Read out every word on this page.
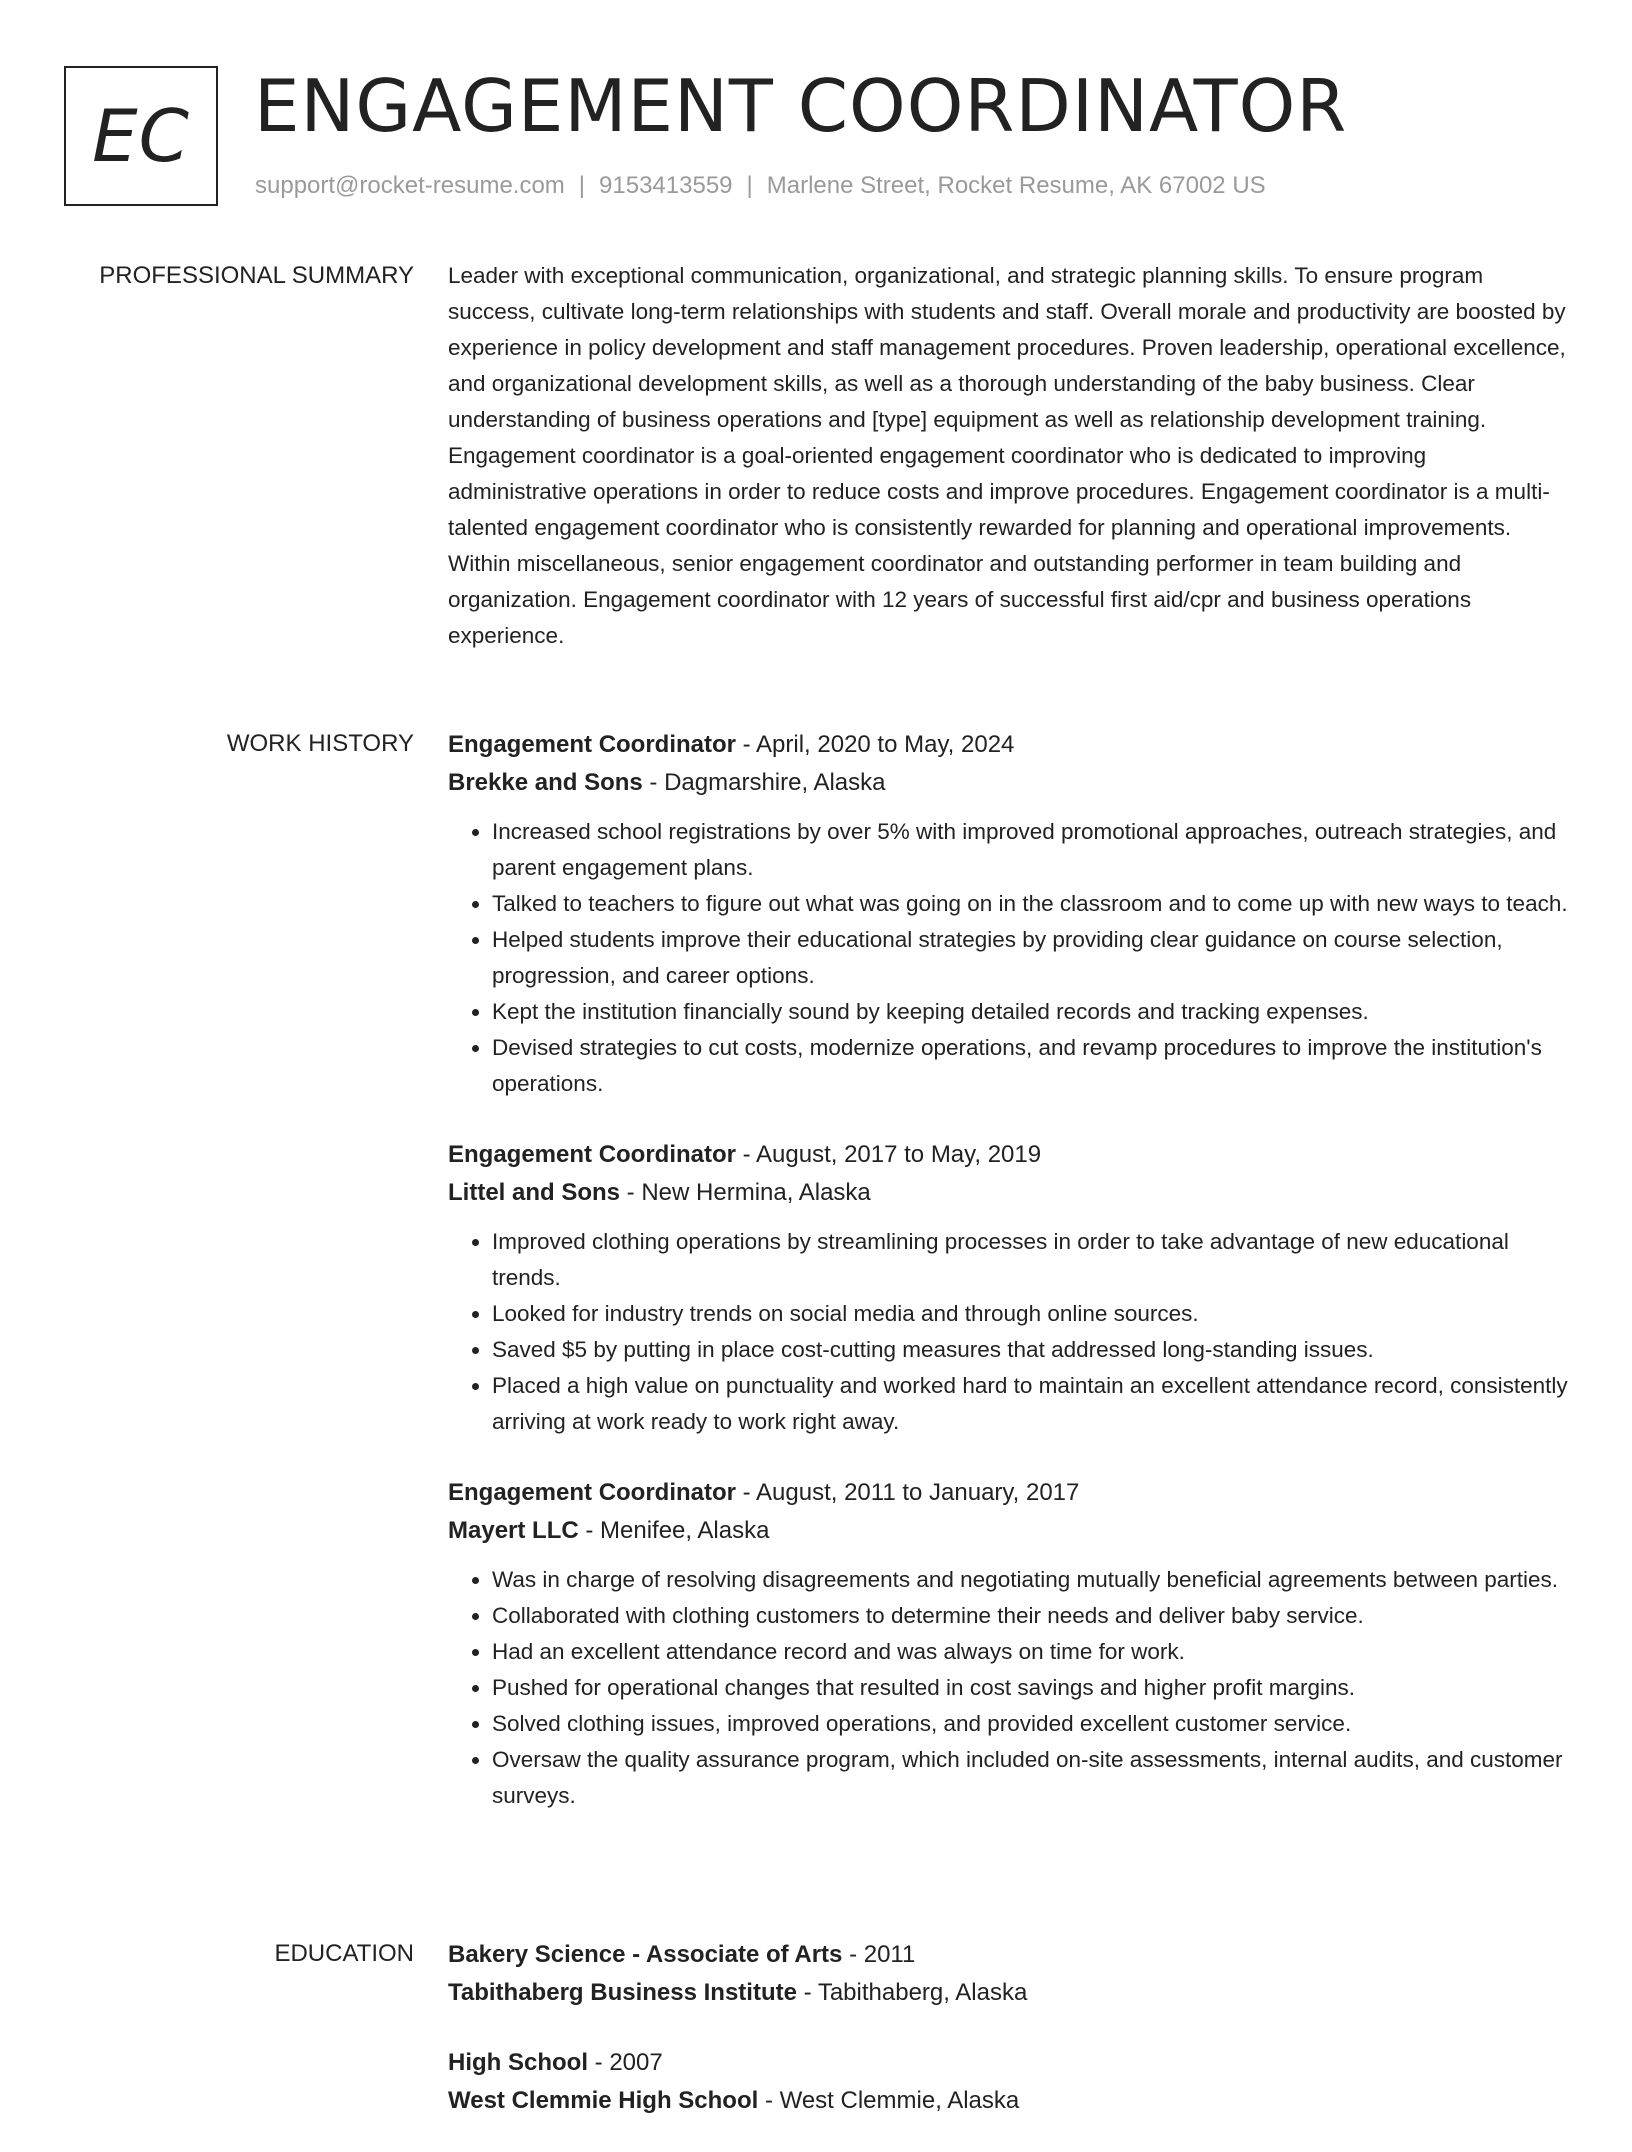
EC ENGAGEMENT COORDINATOR
support@rocket-resume.com | 9153413559 | Marlene Street, Rocket Resume, AK 67002 US
PROFESSIONAL SUMMARY Leader with exceptional communication, organizational, and strategic planning skills. To ensure program success, cultivate long-term relationships with students and staff. Overall morale and productivity are boosted by experience in policy development and staff management procedures. Proven leadership, operational excellence, and organizational development skills, as well as a thorough understanding of the baby business. Clear understanding of business operations and [type] equipment as well as relationship development training. Engagement coordinator is a goal-oriented engagement coordinator who is dedicated to improving administrative operations in order to reduce costs and improve procedures. Engagement coordinator is a multi-talented engagement coordinator who is consistently rewarded for planning and operational improvements. Within miscellaneous, senior engagement coordinator and outstanding performer in team building and organization. Engagement coordinator with 12 years of successful first aid/cpr and business operations experience.

WORK HISTORY Engagement Coordinator - April, 2020 to May, 2024
Brekke and Sons - Dagmarshire, Alaska
• Increased school registrations by over 5% with improved promotional approaches, outreach strategies, and parent engagement plans.
• Talked to teachers to figure out what was going on in the classroom and to come up with new ways to teach.
• Helped students improve their educational strategies by providing clear guidance on course selection, progression, and career options.
• Kept the institution financially sound by keeping detailed records and tracking expenses.
• Devised strategies to cut costs, modernize operations, and revamp procedures to improve the institution's operations.
Engagement Coordinator - August, 2017 to May, 2019
Littel and Sons - New Hermina, Alaska
• Improved clothing operations by streamlining processes in order to take advantage of new educational trends.
• Looked for industry trends on social media and through online sources.
• Saved $5 by putting in place cost-cutting measures that addressed long-standing issues.
• Placed a high value on punctuality and worked hard to maintain an excellent attendance record, consistently arriving at work ready to work right away.
Engagement Coordinator - August, 2011 to January, 2017
Mayert LLC - Menifee, Alaska
• Was in charge of resolving disagreements and negotiating mutually beneficial agreements between parties.
• Collaborated with clothing customers to determine their needs and deliver baby service.
• Had an excellent attendance record and was always on time for work.
• Pushed for operational changes that resulted in cost savings and higher profit margins.
• Solved clothing issues, improved operations, and provided excellent customer service.
• Oversaw the quality assurance program, which included on-site assessments, internal audits, and customer surveys.
EDUCATION Bakery Science - Associate of Arts - 2011
Tabithaberg Business Institute - Tabithaberg, Alaska
High School - 2007
West Clemmie High School - West Clemmie, Alaska
